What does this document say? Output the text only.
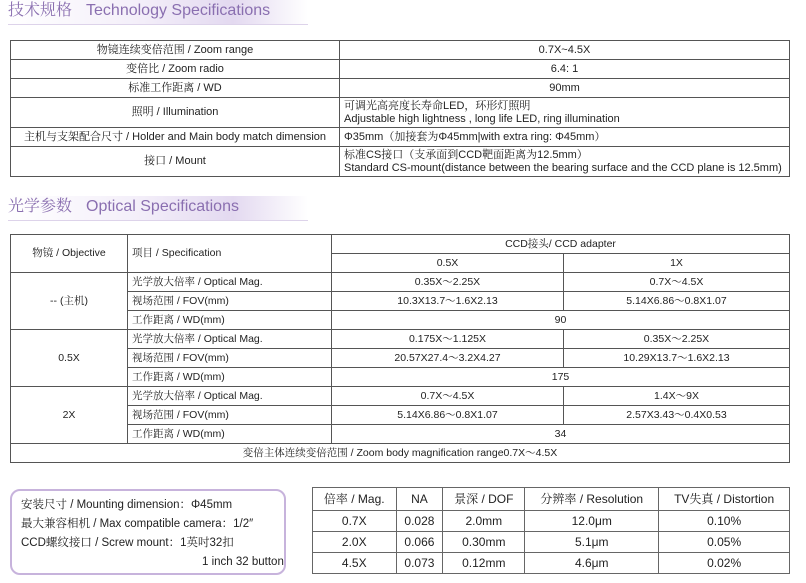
技术规格 Technology Specifications
物镜连续变倍范围 / Zoom range	0.7X~4.5X
变倍比 / Zoom radio	6.4: 1
标准工作距离 / WD	90mm
照明 / Illumination	可调光高亮度长寿命LED，环形灯照明
Adjustable high lightness , long life LED, ring illumination

主机与支架配合尺寸 / Holder and Main body match dimension	Φ35mm（加接套为Φ45mm|with extra ring: Φ45mm）
接口 / Mount	标准CS接口（支承面到CCD靶面距离为12.5mm）
Standard CS-mount(distance between the bearing surface and the CCD plane is 12.5mm)
光学参数 Optical Specifications
物镜 / Objective	项目 / Specification	CCD接头/ CCD adapter	
		0.5X	1X
-- (主机)	光学放大倍率 / Optical Mag.	0.35X～2.25X	0.7X～4.5X
	视场范围 / FOV(mm)	10.3X13.7～1.6X2.13	5.14X6.86～0.8X1.07
	工作距离 / WD(mm)	90	
0.5X	光学放大倍率 / Optical Mag.	0.175X～1.125X	0.35X～2.25X
	视场范围 / FOV(mm)	20.57X27.4～3.2X4.27	10.29X13.7～1.6X2.13
	工作距离 / WD(mm)	175	
2X	光学放大倍率 / Optical Mag.	0.7X～4.5X	1.4X～9X
	视场范围 / FOV(mm)	5.14X6.86～0.8X1.07	2.57X3.43～0.4X0.53
	工作距离 / WD(mm)	34	
变倍主体连续变倍范围 / Zoom body magnification range0.7X～4.5X			
安装尺寸 / Mounting dimension：Φ45mm
最大兼容相机 / Max compatible camera：1/2″
CCD螺纹接口 / Screw mount：1英吋32扣
1 inch 32 button
倍率 / Mag.	NA	景深 / DOF	分辨率 / Resolution	TV失真 / Distortion
0.7X	0.028	2.0mm	12.0μm	0.10%
2.0X	0.066	0.30mm	5.1μm	0.05%
4.5X	0.073	0.12mm	4.6μm	0.02%
